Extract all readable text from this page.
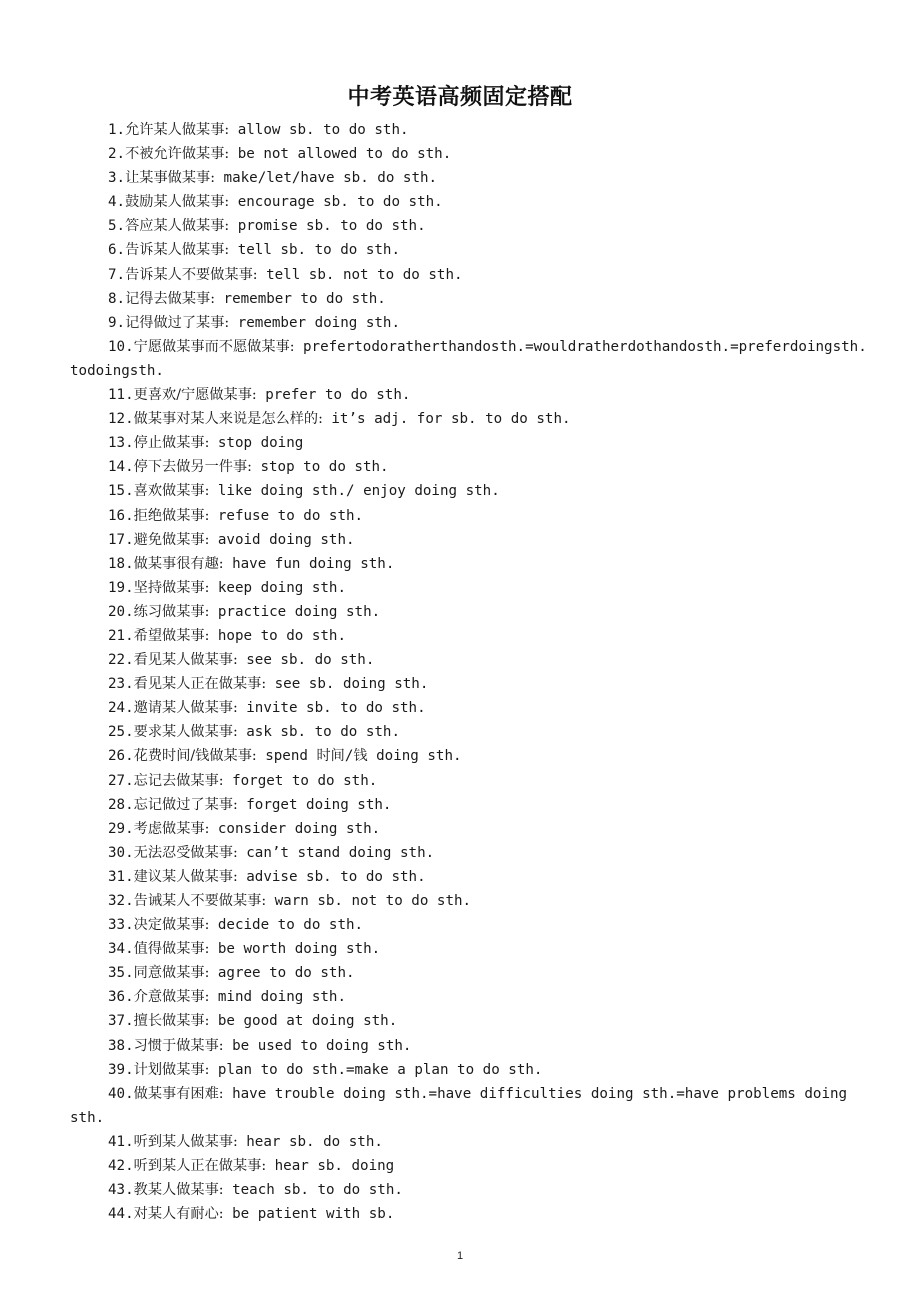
中考英语高频固定搭配

1.允许某人做某事: allow sb. to do sth.

2.不被允许做某事: be not allowed to do sth.

3.让某事做某事: make/let/have sb. do sth.

4.鼓励某人做某事: encourage sb. to do sth.

5.答应某人做某事: promise sb. to do sth.

6.告诉某人做某事: tell sb. to do sth.

7.告诉某人不要做某事: tell sb. not to do sth.

8.记得去做某事: remember to do sth.

9.记得做过了某事: remember doing sth.

10.宁愿做某事而不愿做某事: prefertodoratherthandosth.=wouldratherdothandosth.=preferdoingsth. todoingsth.

11.更喜欢/宁愿做某事: prefer to do sth.

12.做某事对某人来说是怎么样的: it’s adj. for sb. to do sth.

13.停止做某事: stop doing

14.停下去做另一件事: stop to do sth.

15.喜欢做某事: like doing sth./ enjoy doing sth.

16.拒绝做某事: refuse to do sth.

17.避免做某事: avoid doing sth.

18.做某事很有趣: have fun doing sth.

19.坚持做某事: keep doing sth.

20.练习做某事: practice doing sth.

21.希望做某事: hope to do sth.

22.看见某人做某事: see sb. do sth.

23.看见某人正在做某事: see sb. doing sth.

24.邀请某人做某事: invite sb. to do sth.

25.要求某人做某事: ask sb. to do sth.

26.花费时间/钱做某事: spend 时间/钱 doing sth.

27.忘记去做某事: forget to do sth.

28.忘记做过了某事: forget doing sth.

29.考虑做某事: consider doing sth.

30.无法忍受做某事: can’t stand doing sth.

31.建议某人做某事: advise sb. to do sth.

32.告诫某人不要做某事: warn sb. not to do sth.

33.决定做某事: decide to do sth.

34.值得做某事: be worth doing sth.

35.同意做某事: agree to do sth.

36.介意做某事: mind doing sth.

37.擅长做某事: be good at doing sth.

38.习惯于做某事: be used to doing sth.

39.计划做某事: plan to do sth.=make a plan to do sth.

40.做某事有困难: have trouble doing sth.=have difficulties doing sth.=have problems doing sth.

41.听到某人做某事: hear sb. do sth.

42.听到某人正在做某事: hear sb. doing

43.教某人做某事: teach sb. to do sth.

44.对某人有耐心: be patient with sb.

1
